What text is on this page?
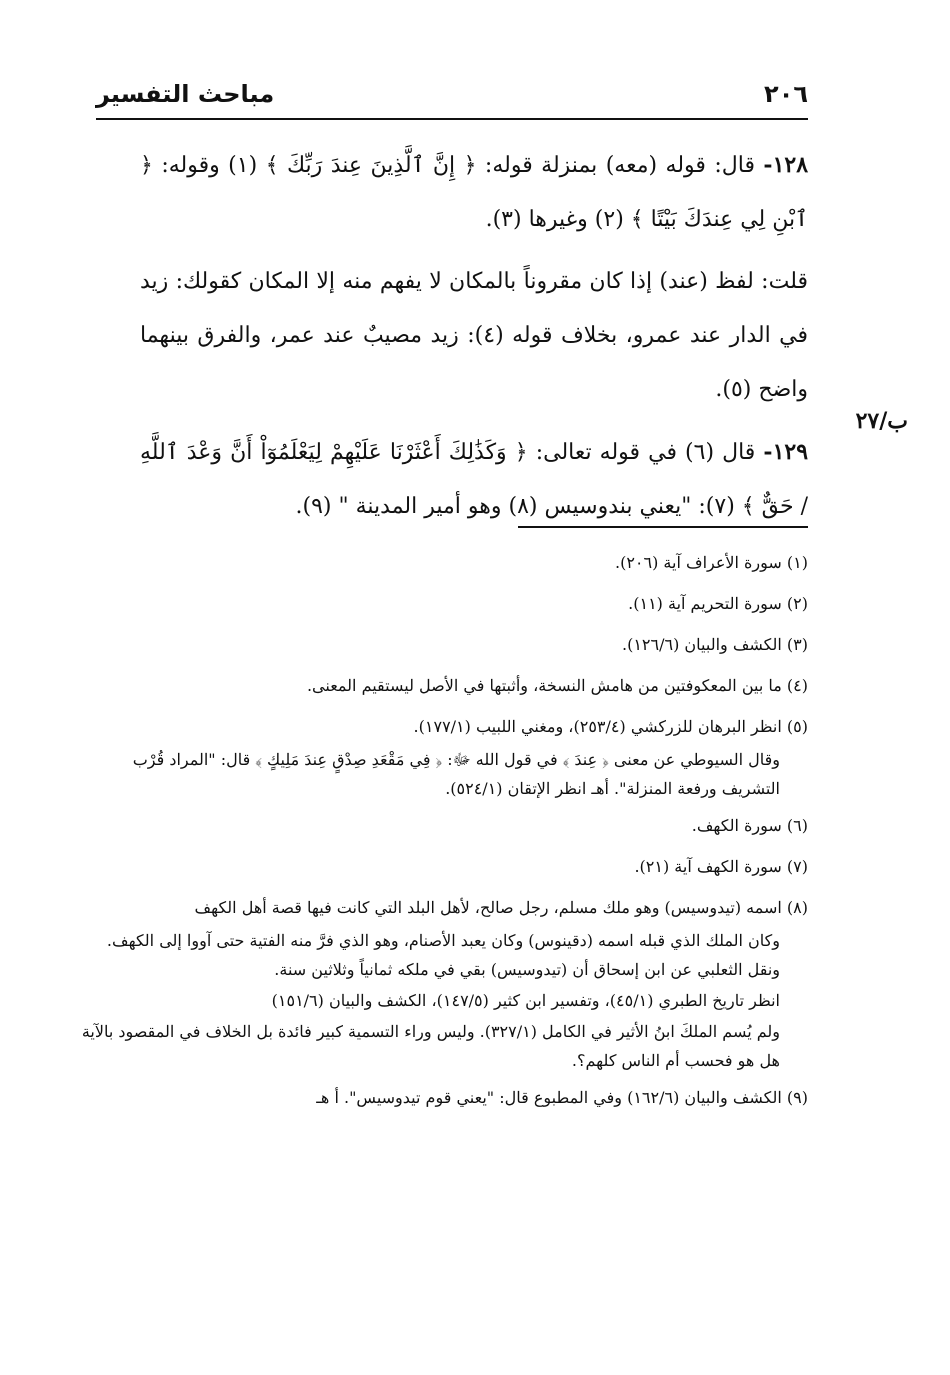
٢٠٦
مباحث التفسير
ب/٢٧

١٢٨- قال: قوله (معه) بمنزلة قوله: ﴿ إِنَّ ٱلَّذِينَ عِندَ رَبِّكَ ﴾ (١) وقوله: ﴿ ٱبْنِ لِي عِندَكَ بَيْتًا ﴾ (٢) وغيرها (٣).

قلت: لفظ (عند) إذا كان مقروناً بالمكان لا يفهم منه إلا المكان كقولك: زيد في الدار عند عمرو، بخلاف قوله (٤): زيد مصيبٌ عند عمر، والفرق بينهما واضح (٥).

١٢٩- قال (٦) في قوله تعالى: ﴿ وَكَذَٰلِكَ أَعْثَرْنَا عَلَيْهِمْ لِيَعْلَمُوٓاْ أَنَّ وَعْدَ ٱللَّهِ / حَقٌّ ﴾ (٧): "يعني بندوسيس (٨) وهو أمير المدينة " (٩).

(١) سورة الأعراف آية (٢٠٦).
(٢) سورة التحريم آية (١١).
(٣) الكشف والبيان (١٢٦/٦).
(٤) ما بين المعكوفتين من هامش النسخة، وأثبتها في الأصل ليستقيم المعنى.
(٥) انظر البرهان للزركشي (٢٥٣/٤)، ومغني اللبيب (١٧٧/١).
وقال السيوطي عن معنى ﴿ عِندَ ﴾ في قول الله ﷻ: ﴿ فِي مَقْعَدِ صِدْقٍ عِندَ مَلِيكٍ ﴾ قال: "المراد قُرْب التشريف ورفعة المنزلة". أهـ انظر الإتقان (٥٢٤/١).
(٦) سورة الكهف.
(٧) سورة الكهف آية (٢١).
(٨) اسمه (تيدوسيس) وهو ملك مسلم، رجل صالح، لأهل البلد التي كانت فيها قصة أهل الكهف
وكان الملك الذي قبله اسمه (دقينوس) وكان يعبد الأصنام، وهو الذي فرَّ منه الفتية حتى آووا إلى الكهف. ونقل الثعلبي عن ابن إسحاق أن (تيدوسيس) بقي في ملكه ثمانياً وثلاثين سنة.
انظر تاريخ الطبري (٤٥/١)، وتفسير ابن كثير (١٤٧/٥)، الكشف والبيان (١٥١/٦)
ولم يُسم الملكَ ابنُ الأثير في الكامل (٣٢٧/١). وليس وراء التسمية كبير فائدة بل الخلاف في المقصود بالآية هل هو فحسب أم الناس كلهم؟.
(٩) الكشف والبيان (١٦٢/٦) وفي المطبوع قال: "يعني قوم تيدوسيس". أ هـ
